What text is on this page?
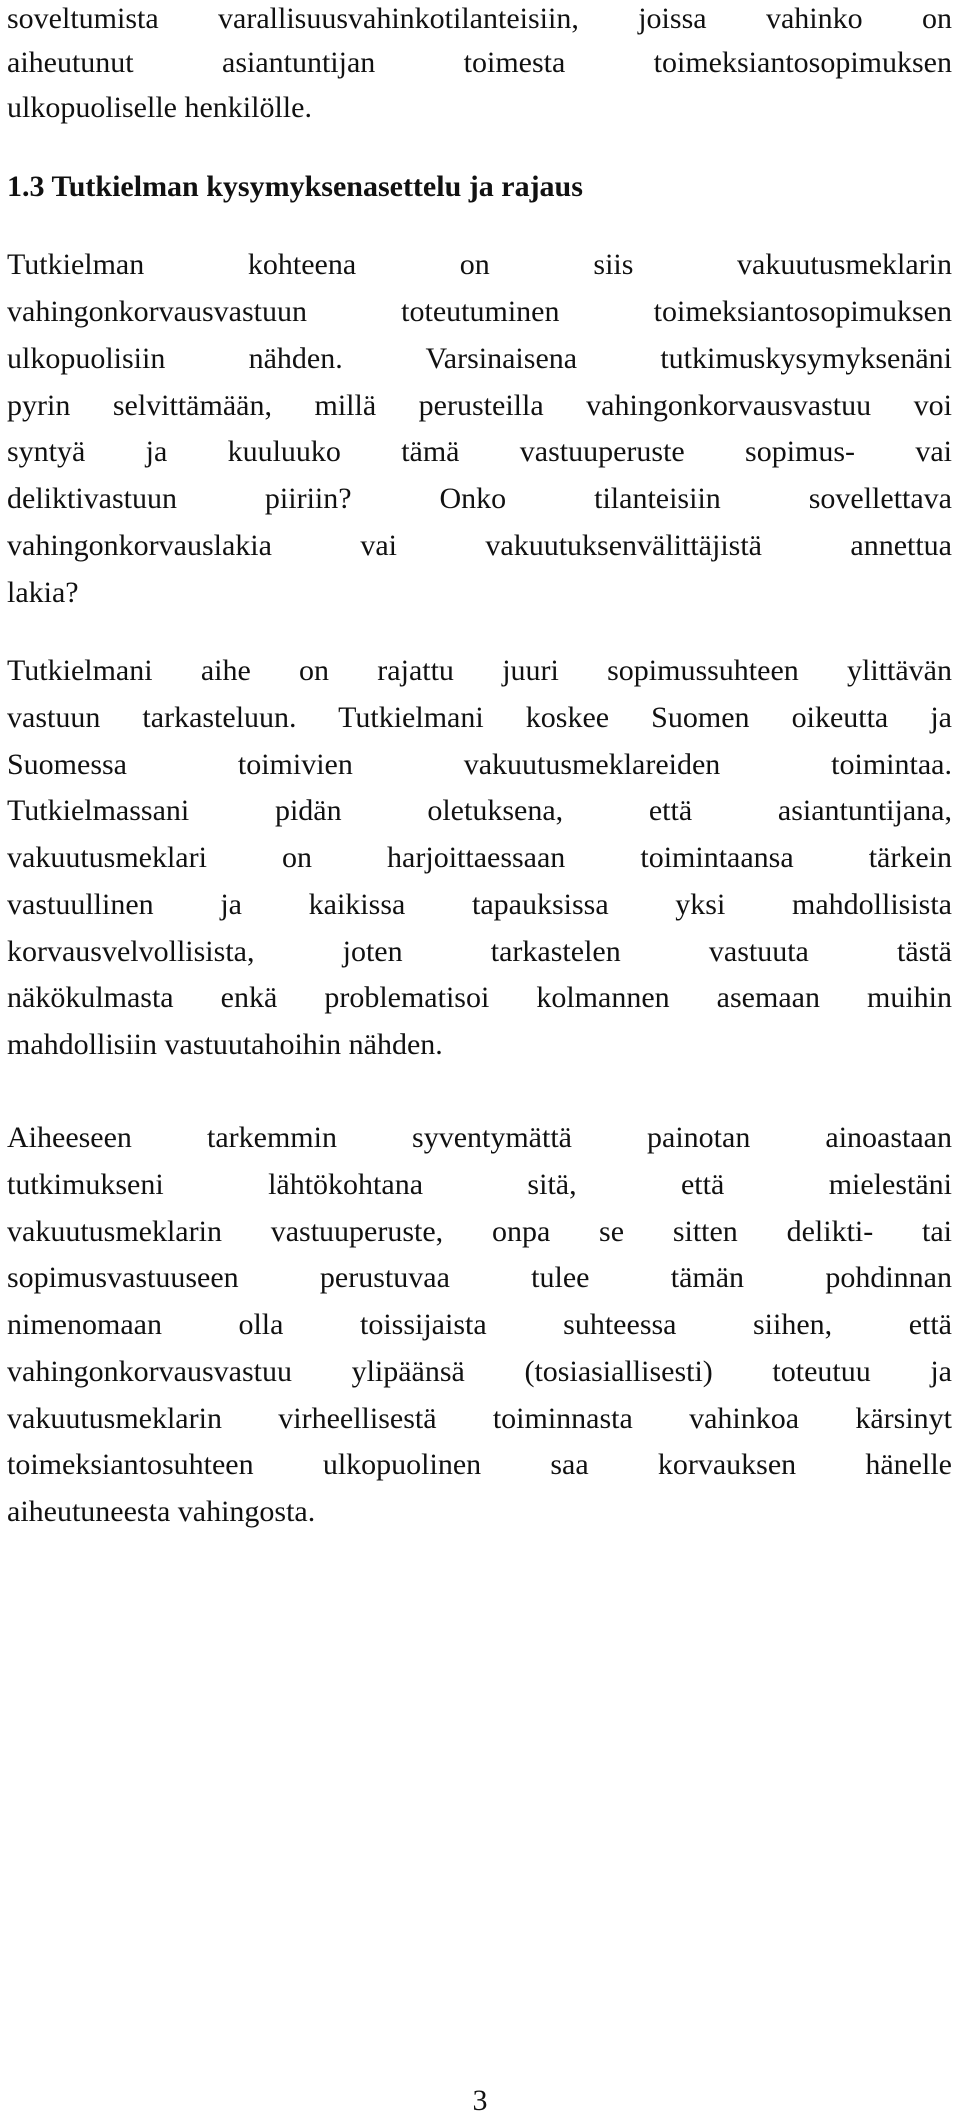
soveltumista varallisuusvahinkotilanteisiin, joissa vahinko on
aiheutunut asiantuntijan toimesta toimeksiantosopimuksen
ulkopuoliselle henkilölle.
1.3 Tutkielman kysymyksenasettelu ja rajaus
Tutkielman kohteena on siis vakuutusmeklarin
vahingonkorvausvastuun toteutuminen toimeksiantosopimuksen
ulkopuolisiin nähden. Varsinaisena tutkimuskysymyksenäni
pyrin selvittämään, millä perusteilla vahingonkorvausvastuu voi
syntyä ja kuuluuko tämä vastuuperuste sopimus- vai
deliktivastuun piiriin? Onko tilanteisiin sovellettava
vahingonkorvauslakia vai vakuutuksenvälittäjistä annettua
lakia?
Tutkielmani aihe on rajattu juuri sopimussuhteen ylittävän
vastuun tarkasteluun. Tutkielmani koskee Suomen oikeutta ja
Suomessa toimivien vakuutusmeklareiden toimintaa.
Tutkielmassani pidän oletuksena, että asiantuntijana,
vakuutusmeklari on harjoittaessaan toimintaansa tärkein
vastuullinen ja kaikissa tapauksissa yksi mahdollisista
korvausvelvollisista, joten tarkastelen vastuuta tästä
näkökulmasta enkä problematisoi kolmannen asemaan muihin
mahdollisiin vastuutahoihin nähden.
Aiheeseen tarkemmin syventymättä painotan ainoastaan
tutkimukseni lähtökohtana sitä, että mielestäni
vakuutusmeklarin vastuuperuste, onpa se sitten delikti- tai
sopimusvastuuseen perustuvaa tulee tämän pohdinnan
nimenomaan olla toissijaista suhteessa siihen, että
vahingonkorvausvastuu ylipäänsä (tosiasiallisesti) toteutuu ja
vakuutusmeklarin virheellisestä toiminnasta vahinkoa kärsinyt
toimeksiantosuhteen ulkopuolinen saa korvauksen hänelle
aiheutuneesta vahingosta.
3
